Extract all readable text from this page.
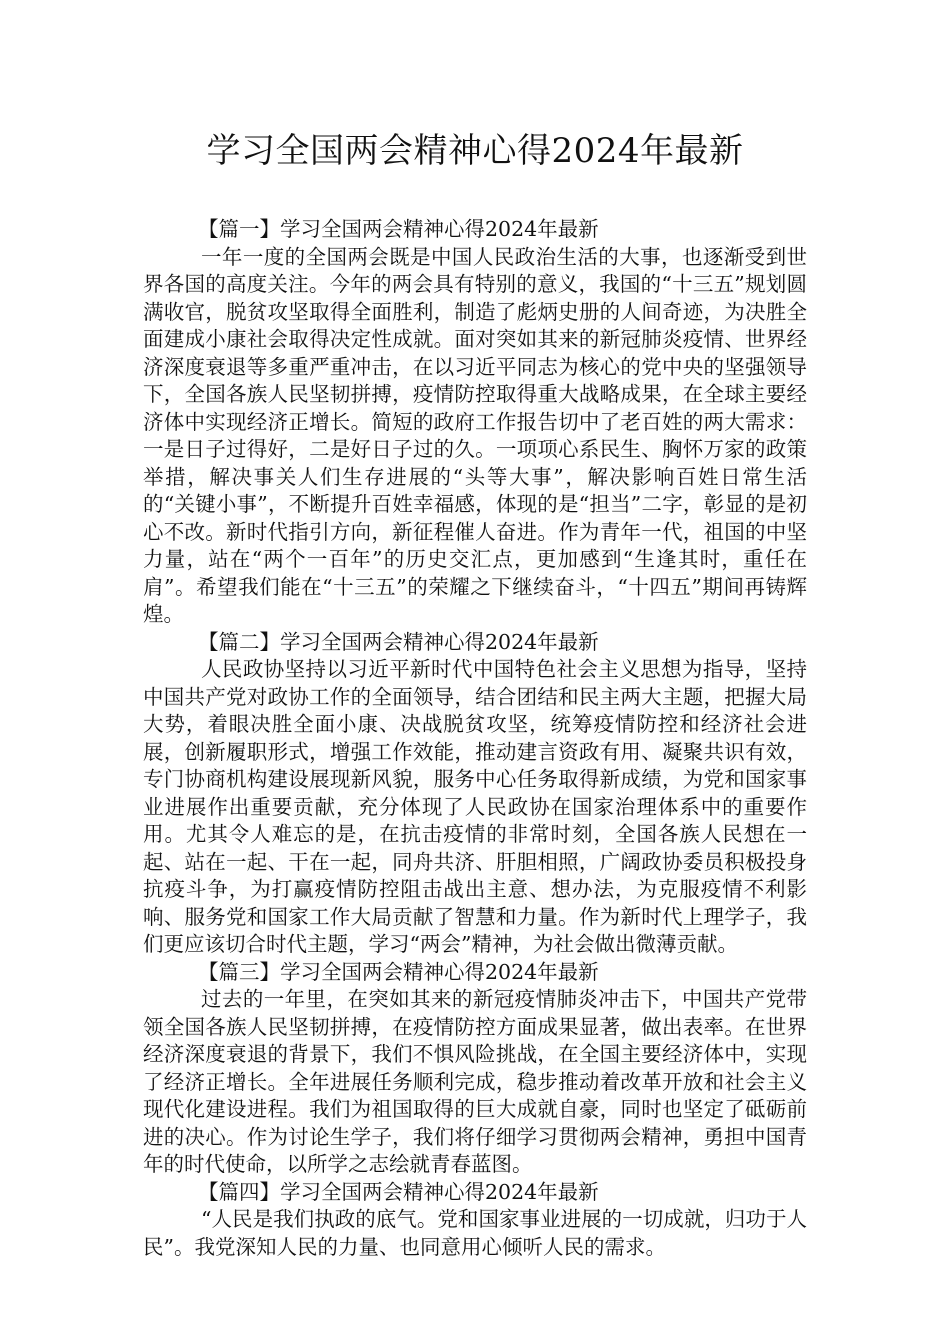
学习全国两会精神心得2024年最新

【篇一】学习全国两会精神心得2024年最新

一年一度的全国两会既是中国人民政治生活的大事，也逐渐受到世界各国的高度关注。今年的两会具有特别的意义，我国的“十三五”规划圆满收官，脱贫攻坚取得全面胜利，制造了彪炳史册的人间奇迹，为决胜全面建成小康社会取得决定性成就。面对突如其来的新冠肺炎疫情、世界经济深度衰退等多重严重冲击，在以习近平同志为核心的党中央的坚强领导下，全国各族人民坚韧拼搏，疫情防控取得重大战略成果，在全球主要经济体中实现经济正增长。简短的政府工作报告切中了老百姓的两大需求：一是日子过得好，二是好日子过的久。一项项心系民生、胸怀万家的政策举措，解决事关人们生存进展的“头等大事”，解决影响百姓日常生活的“关键小事”，不断提升百姓幸福感，体现的是“担当”二字，彰显的是初心不改。新时代指引方向，新征程催人奋进。作为青年一代，祖国的中坚力量，站在“两个一百年”的历史交汇点，更加感到“生逢其时，重任在肩”。希望我们能在“十三五”的荣耀之下继续奋斗，“十四五”期间再铸辉煌。

【篇二】学习全国两会精神心得2024年最新

人民政协坚持以习近平新时代中国特色社会主义思想为指导，坚持中国共产党对政协工作的全面领导，结合团结和民主两大主题，把握大局大势，着眼决胜全面小康、决战脱贫攻坚，统筹疫情防控和经济社会进展，创新履职形式，增强工作效能，推动建言资政有用、凝聚共识有效，专门协商机构建设展现新风貌，服务中心任务取得新成绩，为党和国家事业进展作出重要贡献，充分体现了人民政协在国家治理体系中的重要作用。尤其令人难忘的是，在抗击疫情的非常时刻，全国各族人民想在一起、站在一起、干在一起，同舟共济、肝胆相照，广阔政协委员积极投身抗疫斗争，为打赢疫情防控阻击战出主意、想办法，为克服疫情不利影响、服务党和国家工作大局贡献了智慧和力量。作为新时代上理学子，我们更应该切合时代主题，学习“两会”精神，为社会做出微薄贡献。

【篇三】学习全国两会精神心得2024年最新

过去的一年里，在突如其来的新冠疫情肺炎冲击下，中国共产党带领全国各族人民坚韧拼搏，在疫情防控方面成果显著，做出表率。在世界经济深度衰退的背景下，我们不惧风险挑战，在全国主要经济体中，实现了经济正增长。全年进展任务顺利完成，稳步推动着改革开放和社会主义现代化建设进程。我们为祖国取得的巨大成就自豪，同时也坚定了砥砺前进的决心。作为讨论生学子，我们将仔细学习贯彻两会精神，勇担中国青年的时代使命，以所学之志绘就青春蓝图。

【篇四】学习全国两会精神心得2024年最新

“人民是我们执政的底气。党和国家事业进展的一切成就，归功于人民”。我党深知人民的力量、也同意用心倾听人民的需求。
